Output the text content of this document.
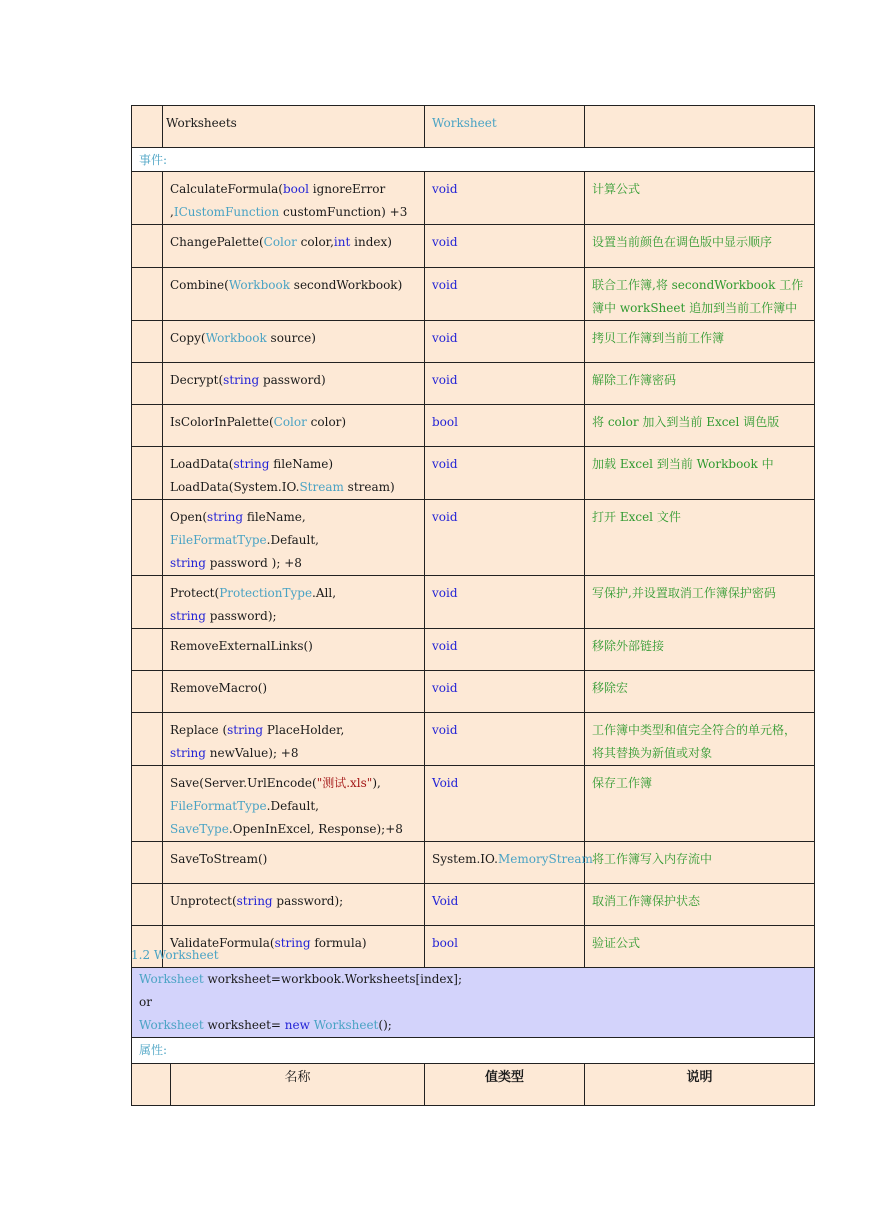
	Worksheets	Worksheet	
事件:			
	CalculateFormula(bool ignoreError
,ICustomFunction customFunction) +3	void	计算公式
	ChangePalette(Color color,int index)	void	设置当前颜色在调色版中显示顺序
	Combine(Workbook secondWorkbook)	void	联合工作簿,将 secondWorkbook 工作簿中 workSheet 追加到当前工作簿中
	Copy(Workbook source)	void	拷贝工作簿到当前工作簿
	Decrypt(string password)	void	解除工作簿密码
	IsColorInPalette(Color color)	bool	将 color 加入到当前 Excel 调色版
	LoadData(string fileName)
LoadData(System.IO.Stream stream)	void	加载 Excel 到当前 Workbook 中
	Open(string fileName,
FileFormatType.Default,
string password ); +8	void	打开 Excel 文件
	Protect(ProtectionType.All,
string password);	void	写保护,并设置取消工作簿保护密码
	RemoveExternalLinks()	void	移除外部链接
	RemoveMacro()	void	移除宏
	Replace (string PlaceHolder,
string newValue); +8	void	工作簿中类型和值完全符合的单元格，将其替换为新值或对象
	Save(Server.UrlEncode("测试.xls"),
FileFormatType.Default,
SaveType.OpenInExcel, Response);+8	Void	保存工作簿
	SaveToStream()	System.IO.MemoryStream	将工作簿写入内存流中
	Unprotect(string password);	Void	取消工作簿保护状态
	ValidateFormula(string formula)	bool	验证公式
1.2 Worksheet
Worksheet worksheet=workbook.Worksheets[index];
or
Worksheet worksheet= new Worksheet();
属性:
	名称	值类型	说明
